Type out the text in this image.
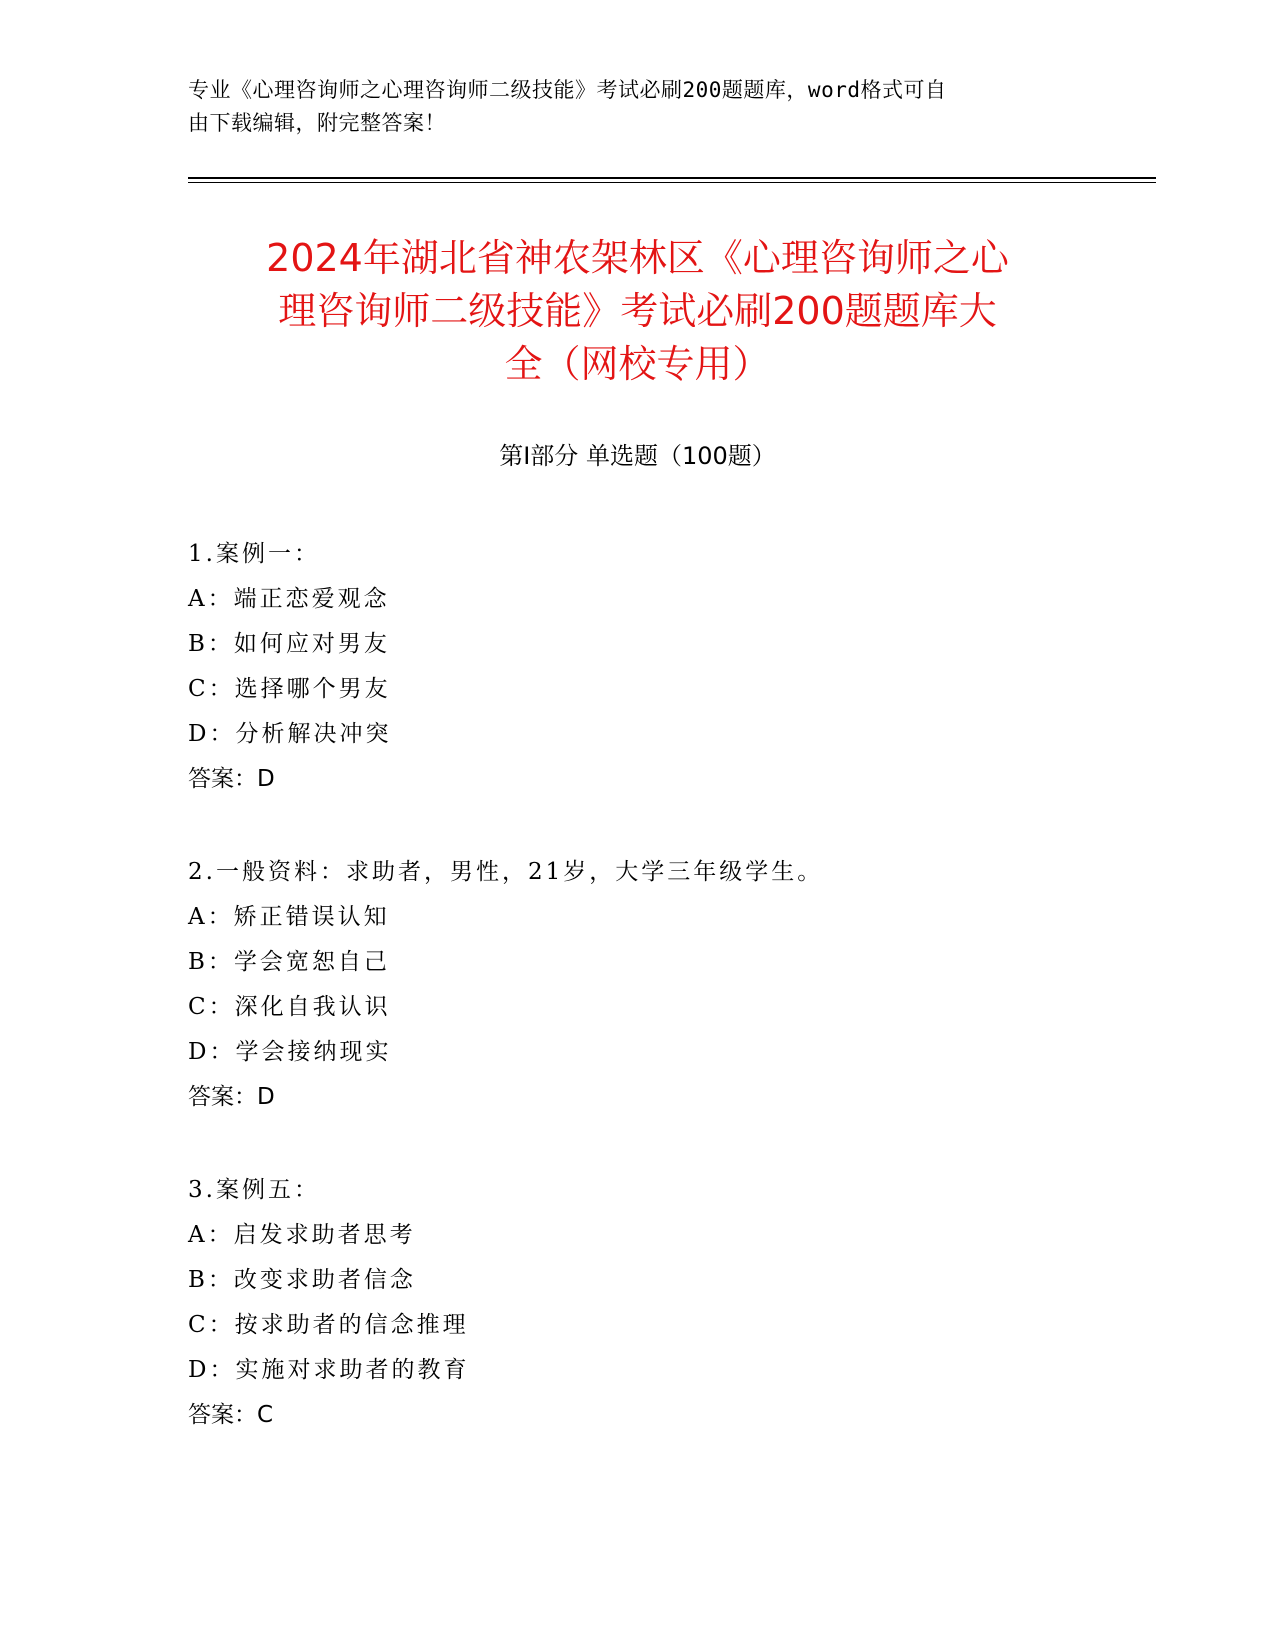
专业《心理咨询师之心理咨询师二级技能》考试必刷200题题库，word格式可自
由下载编辑，附完整答案！
2024年湖北省神农架林区《心理咨询师之心
理咨询师二级技能》考试必刷200题题库大
全（网校专用）
第Ⅰ部分 单选题（100题）
1.案例一：
A：端正恋爱观念
B：如何应对男友
C：选择哪个男友
D：分析解决冲突
答案：D
2.一般资料：求助者，男性，21岁，大学三年级学生。
A：矫正错误认知
B：学会宽恕自己
C：深化自我认识
D：学会接纳现实
答案：D
3.案例五：
A：启发求助者思考
B：改变求助者信念
C：按求助者的信念推理
D：实施对求助者的教育
答案：C
